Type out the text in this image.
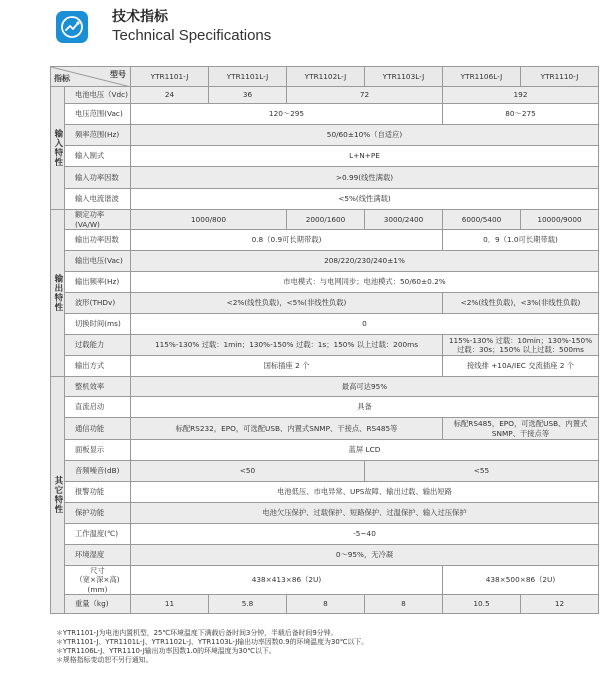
技术指标
Technical Specifications
型号
指标		YTR1101-J	YTR1101L-J	YTR1102L-J	YTR1103L-J	YTR1106L-J	YTR1110-J
输入特性	电池电压（Vdc)	24	36	72		192	
	电压范围(Vac)	120～295				80～275	
	频率范围(Hz)	50/60±10%（自适应)					
	输入制式	L+N+PE					
	输入功率因数	>0.99(线性满载)					
	输入电流谐波	<5%(线性满载)					
输出特性	额定功率(VA/W)	1000/800		2000/1600	3000/2400	6000/5400	10000/9000
	输出功率因数	0.8（0.9可长期带载)				0．9（1.0可长期带载)	
	输出电压(Vac)	208/220/230/240±1%					
	输出频率(Hz)	市电模式：与电网同步；电池模式：50/60±0.2%					
	波形(THDv)	<2%(线性负载)，<5%(非线性负载)				<2%(线性负载)，<3%(非线性负载)	
	切换时间(ms)	0					
	过载能力	115%-130% 过载：1min；130%-150% 过载：1s；150% 以上过载：200ms				115%-130% 过载：10min；130%-150% 过载：30s；150% 以上过载：500ms	
	输出方式	国标插座 2 个				接线排 +10A/IEC 交流插座 2 个	
其它特性	整机效率	最高可达95%					
	直流启动	具备					
	通信功能	标配RS232，EPO，可选配USB、内置式SNMP、干接点、RS485等				标配RS485，EPO，可选配USB、内置式SNMP、干接点等	
	面板显示	蓝屏 LCD					
	音频噪音(dB)	<50			<55		
	报警功能	电池低压、市电异常、UPS故障、输出过载、输出短路					
	保护功能	电池欠压保护、过载保护、短路保护、过温保护、输入过压保护					
	工作温度(℃)	-5~40					
	环境湿度	0～95%，无冷凝					

	尺寸
（宽×深×高)
(mm)	438×413×86（2U)				438×500×86（2U)	
	重量（kg)	11	5.8	8	8	10.5	12
＊YTR1101-J为电池内置机型，25℃环境温度下满载后备时间3分钟，半载后备时间9分钟。
＊YTR1101-J、YTR1101L-J、YTR1102L-J、YTR1103L-J输出功率因数0.9的环境温度为30℃以下。
＊YTR1106L-J、YTR1110-J输出功率因数1.0的环境温度为30℃以下。
＊规格指标变动恕不另行通知。
